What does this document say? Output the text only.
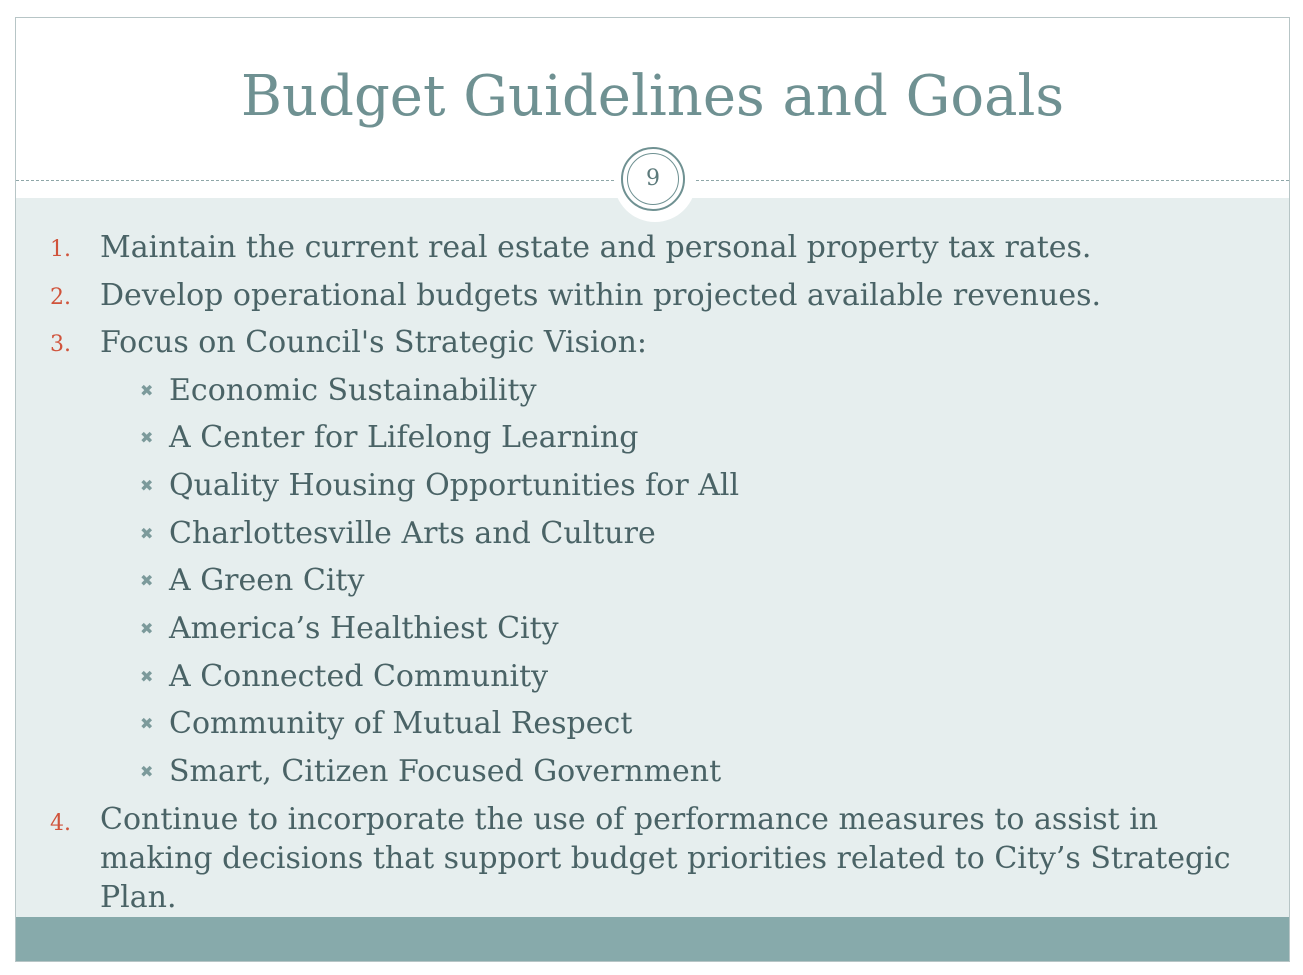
Budget Guidelines and Goals
9
1. Maintain the current real estate and personal property tax rates.
2. Develop operational budgets within projected available revenues.
3. Focus on Council's Strategic Vision:
✖ Economic Sustainability
✖ A Center for Lifelong Learning
✖ Quality Housing Opportunities for All
✖ Charlottesville Arts and Culture
✖ A Green City
✖ America’s Healthiest City
✖ A Connected Community
✖ Community of Mutual Respect
✖ Smart, Citizen Focused Government
4. Continue to incorporate the use of performance measures to assist in making decisions that support budget priorities related to City’s Strategic Plan.
